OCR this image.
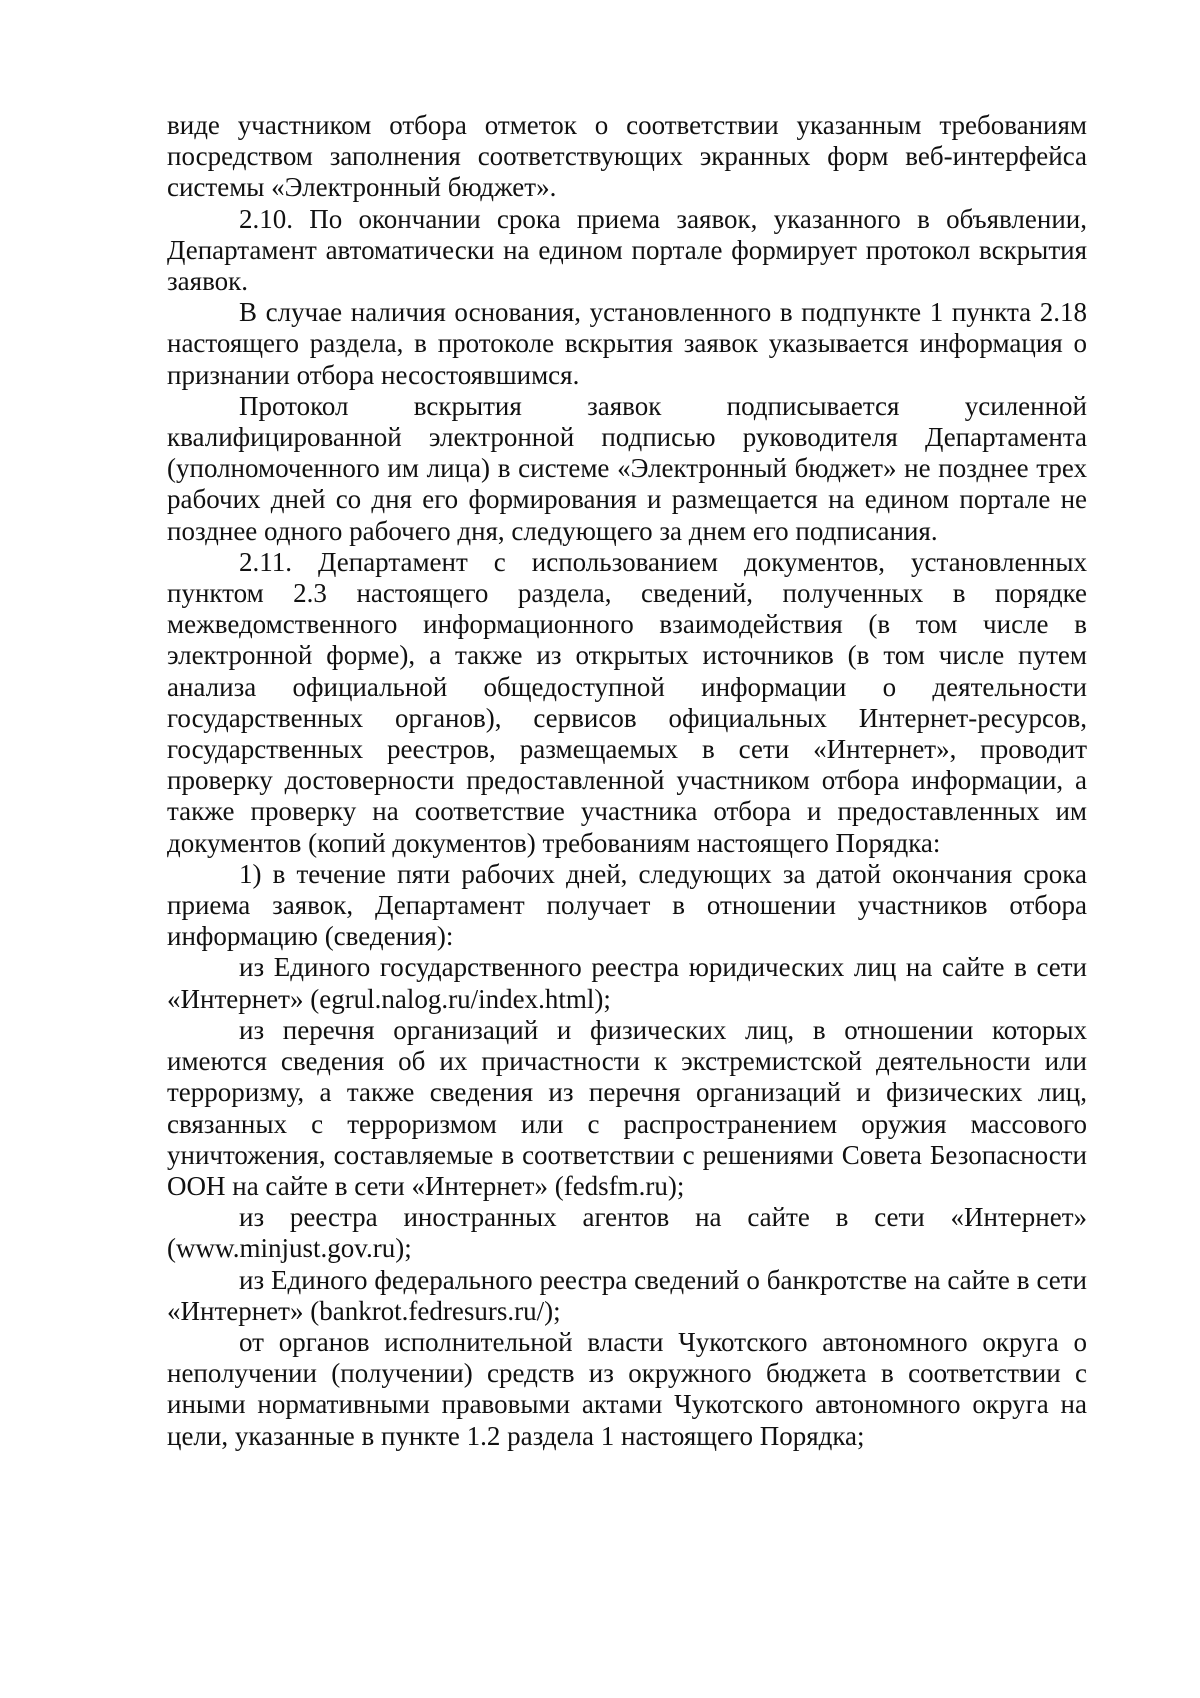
виде участником отбора отметок о соответствии указанным требованиям посредством заполнения соответствующих экранных форм веб-интерфейса системы «Электронный бюджет».

2.10. По окончании срока приема заявок, указанного в объявлении, Департамент автоматически на едином портале формирует протокол вскрытия заявок.

В случае наличия основания, установленного в подпункте 1 пункта 2.18 настоящего раздела, в протоколе вскрытия заявок указывается информация о признании отбора несостоявшимся.

Протокол вскрытия заявок подписывается усиленной квалифицированной электронной подписью руководителя Департамента (уполномоченного им лица) в системе «Электронный бюджет» не позднее трех рабочих дней со дня его формирования и размещается на едином портале не позднее одного рабочего дня, следующего за днем его подписания.

2.11. Департамент с использованием документов, установленных пунктом 2.3 настоящего раздела, сведений, полученных в порядке межведомственного информационного взаимодействия (в том числе в электронной форме), а также из открытых источников (в том числе путем анализа официальной общедоступной информации о деятельности государственных органов), сервисов официальных Интернет-ресурсов, государственных реестров, размещаемых в сети «Интернет», проводит проверку достоверности предоставленной участником отбора информации, а также проверку на соответствие участника отбора и предоставленных им документов (копий документов) требованиям настоящего Порядка:

1) в течение пяти рабочих дней, следующих за датой окончания срока приема заявок, Департамент получает в отношении участников отбора информацию (сведения):

из Единого государственного реестра юридических лиц на сайте в сети «Интернет» (egrul.nalog.ru/index.html);

из перечня организаций и физических лиц, в отношении которых имеются сведения об их причастности к экстремистской деятельности или терроризму, а также сведения из перечня организаций и физических лиц, связанных с терроризмом или с распространением оружия массового уничтожения, составляемые в соответствии с решениями Совета Безопасности ООН на сайте в сети «Интернет» (fedsfm.ru);

из реестра иностранных агентов на сайте в сети «Интернет» (www.minjust.gov.ru);

из Единого федерального реестра сведений о банкротстве на сайте в сети «Интернет» (bankrot.fedresurs.ru/);

от органов исполнительной власти Чукотского автономного округа о неполучении (получении) средств из окружного бюджета в соответствии с иными нормативными правовыми актами Чукотского автономного округа на цели, указанные в пункте 1.2 раздела 1 настоящего Порядка;
